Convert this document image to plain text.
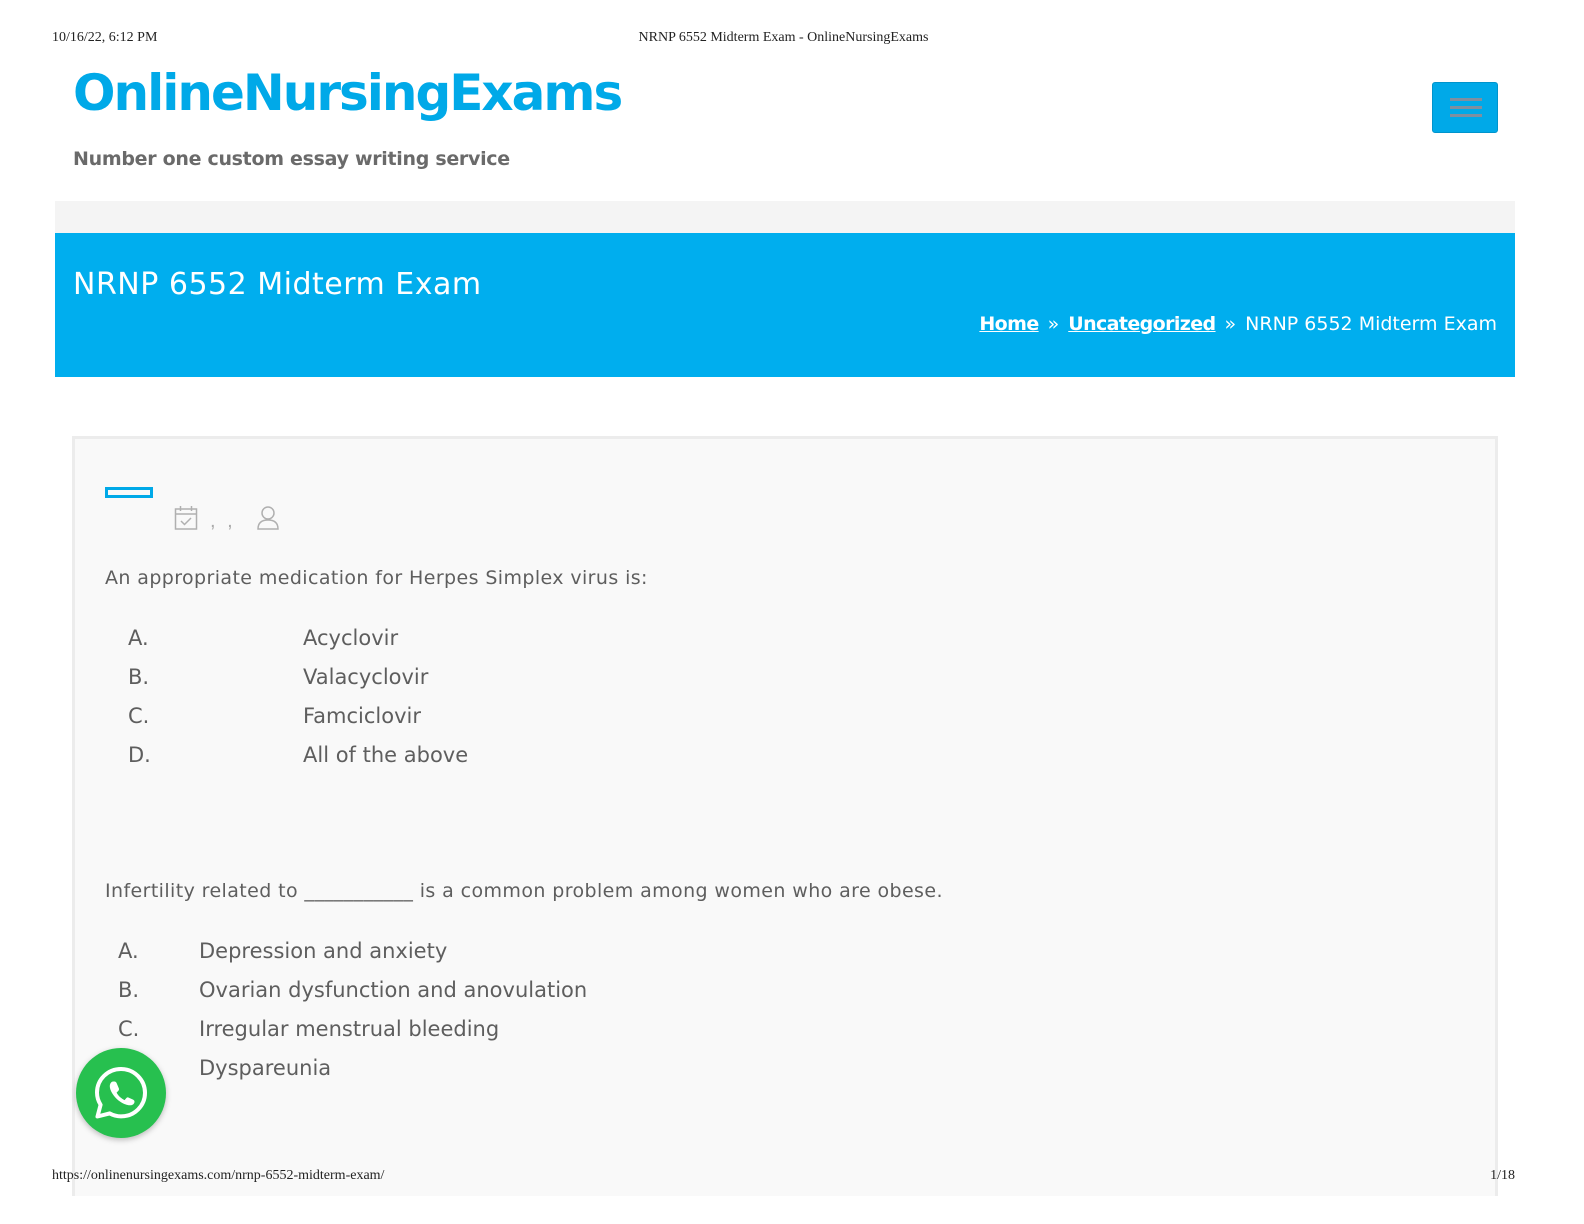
10/16/22, 6:12 PM	NRNP 6552 Midterm Exam - OnlineNursingExams
OnlineNursingExams
Number one custom essay writing service
NRNP 6552 Midterm Exam
Home » Uncategorized » NRNP 6552 Midterm Exam
, ,

An appropriate medication for Herpes Simplex virus is:

A.	Acyclovir
B.	Valacyclovir
C.	Famciclovir
D.	All of the above

Infertility related to ___________ is a common problem among women who are obese.

A.	Depression and anxiety
B.	Ovarian dysfunction and anovulation
C.	Irregular menstrual bleeding
Dyspareunia
https://onlinenursingexams.com/nrnp-6552-midterm-exam/	1/18
